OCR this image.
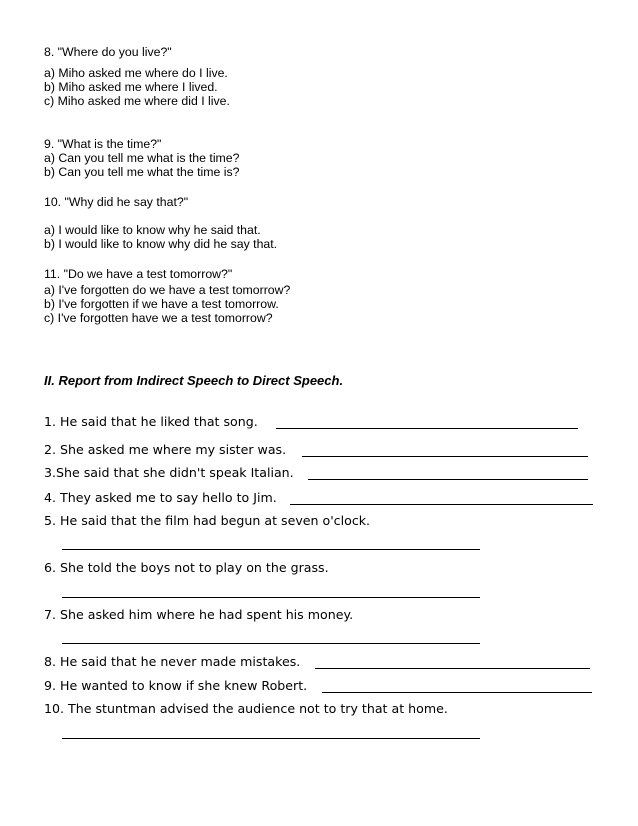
8. "Where do you live?"
a) Miho asked me where do I live.
b) Miho asked me where I lived.
c) Miho asked me where did I live.
9. "What is the time?"
a) Can you tell me what is the time?
b) Can you tell me what the time is?
10. "Why did he say that?"
a) I would like to know why he said that.
b) I would like to know why did he say that.
11. "Do we have a test tomorrow?"
a) I've forgotten do we have a test tomorrow?
b) I've forgotten if we have a test tomorrow.
c) I've forgotten have we a test tomorrow?
II. Report from Indirect Speech to Direct Speech.
1. He said that he liked that song.
2. She asked me where my sister was.
3.She said that she didn't speak Italian.
4. They asked me to say hello to Jim.
5. He said that the film had begun at seven o'clock.
6. She told the boys not to play on the grass.
7. She asked him where he had spent his money.
8. He said that he never made mistakes.
9. He wanted to know if she knew Robert.
10. The stuntman advised the audience not to try that at home.
